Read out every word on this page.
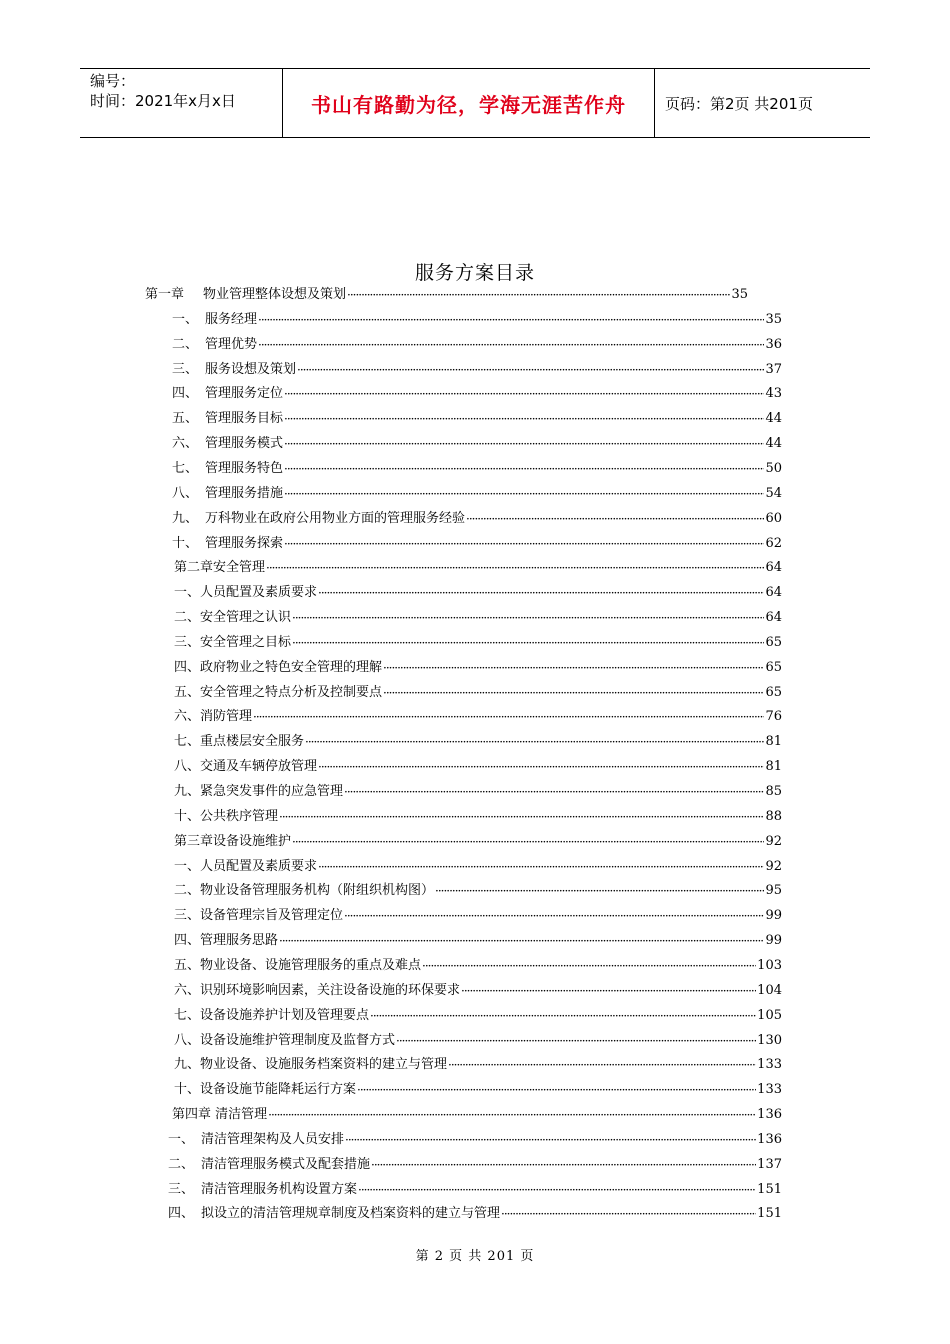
编号：
时间：2021年x月x日	书山有路勤为径，学海无涯苦作舟	页码：第2页 共201页
服务方案目录
第一章	物业管理整体设想及策划 ·····	35
一、 服务经理 ·····	35
二、 管理优势 ·····	36
三、 服务设想及策划 ·····	37
四、 管理服务定位 ·····	43
五、 管理服务目标 ·····	44
六、 管理服务模式 ·····	44
七、 管理服务特色 ·····	50
八、 管理服务措施 ·····	54
九、 万科物业在政府公用物业方面的管理服务经验 ·····	60
十、 管理服务探索 ·····	62
第二章安全管理 ·····	64
一、人员配置及素质要求 ·····	64
二、安全管理之认识 ·····	64
三、安全管理之目标 ·····	65
四、政府物业之特色安全管理的理解 ·····	65
五、安全管理之特点分析及控制要点 ·····	65
六、消防管理 ·····	76
七、重点楼层安全服务 ·····	81
八、交通及车辆停放管理 ·····	81
九、紧急突发事件的应急管理 ·····	85
十、公共秩序管理 ·····	88
第三章设备设施维护 ·····	92
一、人员配置及素质要求 ·····	92
二、物业设备管理服务机构（附组织机构图） ·····	95
三、设备管理宗旨及管理定位 ·····	99
四、管理服务思路 ·····	99
五、物业设备、设施管理服务的重点及难点 ·····	103
六、识别环境影响因素，关注设备设施的环保要求 ·····	104
七、设备设施养护计划及管理要点 ·····	105
八、设备设施维护管理制度及监督方式 ·····	130
九、物业设备、设施服务档案资料的建立与管理 ·····	133
十、设备设施节能降耗运行方案 ·····	133
第四章 清洁管理 ·····	136
一、 清洁管理架构及人员安排 ·····	136
二、 清洁管理服务模式及配套措施 ·····	137
三、 清洁管理服务机构设置方案 ·····	151
四、 拟设立的清洁管理规章制度及档案资料的建立与管理 ·····	151
第 2 页 共 201 页
